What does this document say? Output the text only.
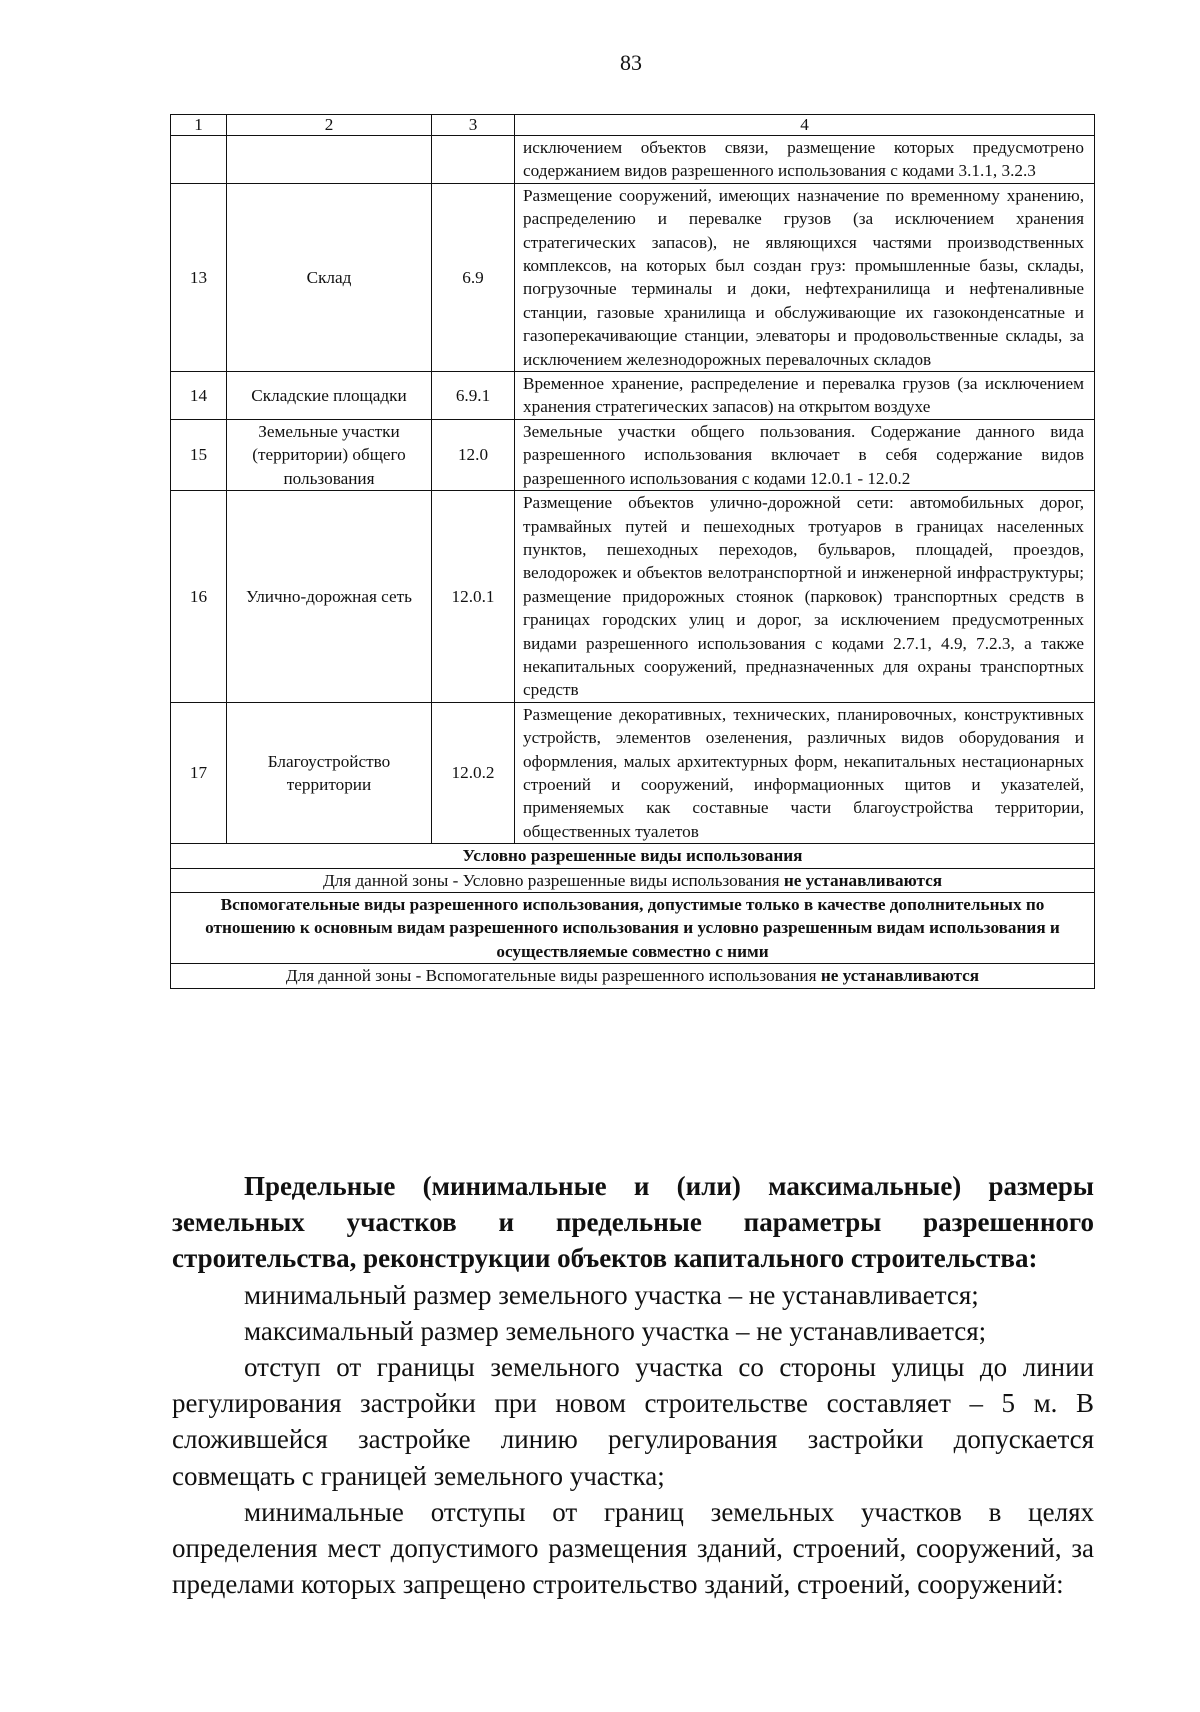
83
1	2	3	4
			исключением объектов связи, размещение которых предусмотрено содержанием видов разрешенного использования с кодами 3.1.1, 3.2.3
13	Склад	6.9	Размещение сооружений, имеющих назначение по временному хранению, распределению и перевалке грузов (за исключением хранения стратегических запасов), не являющихся частями производственных комплексов, на которых был создан груз: промышленные базы, склады, погрузочные терминалы и доки, нефтехранилища и нефтеналивные станции, газовые хранилища и обслуживающие их газоконденсатные и газоперекачивающие станции, элеваторы и продовольственные склады, за исключением железнодорожных перевалочных складов
14	Складские площадки	6.9.1	Временное хранение, распределение и перевалка грузов (за исключением хранения стратегических запасов) на открытом воздухе
15	Земельные участки (территории) общего пользования	12.0	Земельные участки общего пользования. Содержание данного вида разрешенного использования включает в себя содержание видов разрешенного использования с кодами 12.0.1 - 12.0.2
16	Улично-дорожная сеть	12.0.1	Размещение объектов улично-дорожной сети: автомобильных дорог, трамвайных путей и пешеходных тротуаров в границах населенных пунктов, пешеходных переходов, бульваров, площадей, проездов, велодорожек и объектов велотранспортной и инженерной инфраструктуры; размещение придорожных стоянок (парковок) транспортных средств в границах городских улиц и дорог, за исключением предусмотренных видами разрешенного использования с кодами 2.7.1, 4.9, 7.2.3, а также некапитальных сооружений, предназначенных для охраны транспортных средств
17	Благоустройство территории	12.0.2	Размещение декоративных, технических, планировочных, конструктивных устройств, элементов озеленения, различных видов оборудования и оформления, малых архитектурных форм, некапитальных нестационарных строений и сооружений, информационных щитов и указателей, применяемых как составные части благоустройства территории, общественных туалетов
Условно разрешенные виды использования			
Для данной зоны - Условно разрешенные виды использования не устанавливаются			
Вспомогательные виды разрешенного использования, допустимые только в качестве дополнительных по отношению к основным видам разрешенного использования и условно разрешенным видам использования и осуществляемые совместно с ними			
Для данной зоны - Вспомогательные виды разрешенного использования не устанавливаются			

Предельные (минимальные и (или) максимальные) размеры земельных участков и предельные параметры разрешенного строительства, реконструкции объектов капитального строительства:

минимальный размер земельного участка – не устанавливается;

максимальный размер земельного участка – не устанавливается;

отступ от границы земельного участка со стороны улицы до линии регулирования застройки при новом строительстве составляет – 5 м. В сложившейся застройке линию регулирования застройки допускается совмещать с границей земельного участка;

минимальные отступы от границ земельных участков в целях определения мест допустимого размещения зданий, строений, сооружений, за пределами которых запрещено строительство зданий, строений, сооружений:
